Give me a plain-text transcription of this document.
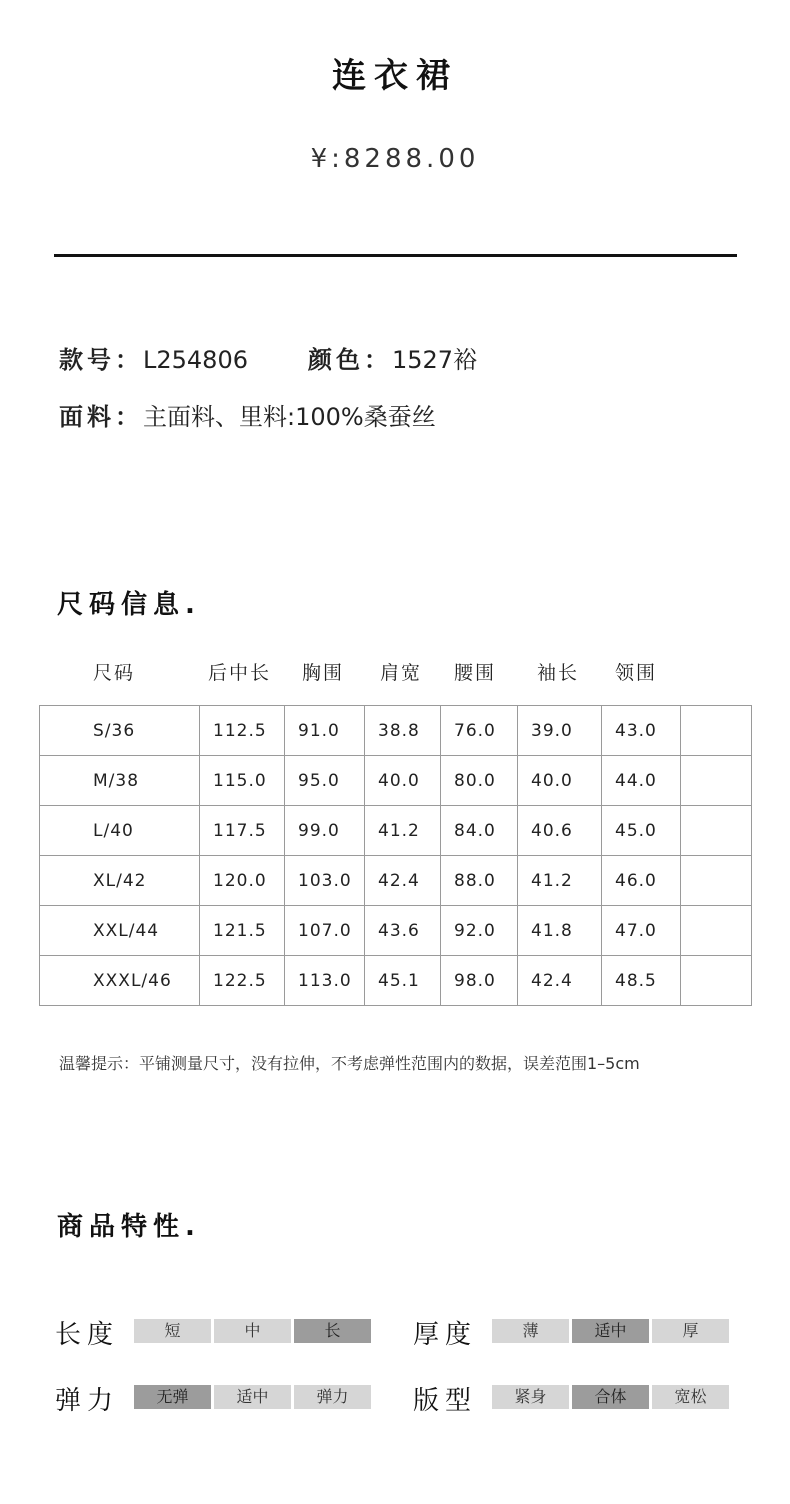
连衣裙
¥:8288.00
款号：L254806	颜色：1527裕
面料：主面料、里料:100%桑蚕丝
尺码信息.
尺码	后中长 胸围 肩宽 腰围 袖长 领围
S/36	112.5	91.0	38.8	76.0	39.0	43.0	
M/38	115.0	95.0	40.0	80.0	40.0	44.0	
L/40	117.5	99.0	41.2	84.0	40.6	45.0	
XL/42	120.0	103.0	42.4	88.0	41.2	46.0	
XXL/44	121.5	107.0	43.6	92.0	41.8	47.0	
XXXL/46	122.5	113.0	45.1	98.0	42.4	48.5	
温馨提示：平铺测量尺寸，没有拉伸，不考虑弹性范围内的数据，误差范围1–5cm
商品特性.
长度	短	中	长	厚度	薄	适中	厚
弹力	无弹	适中	弹力	版型	紧身	合体	宽松
